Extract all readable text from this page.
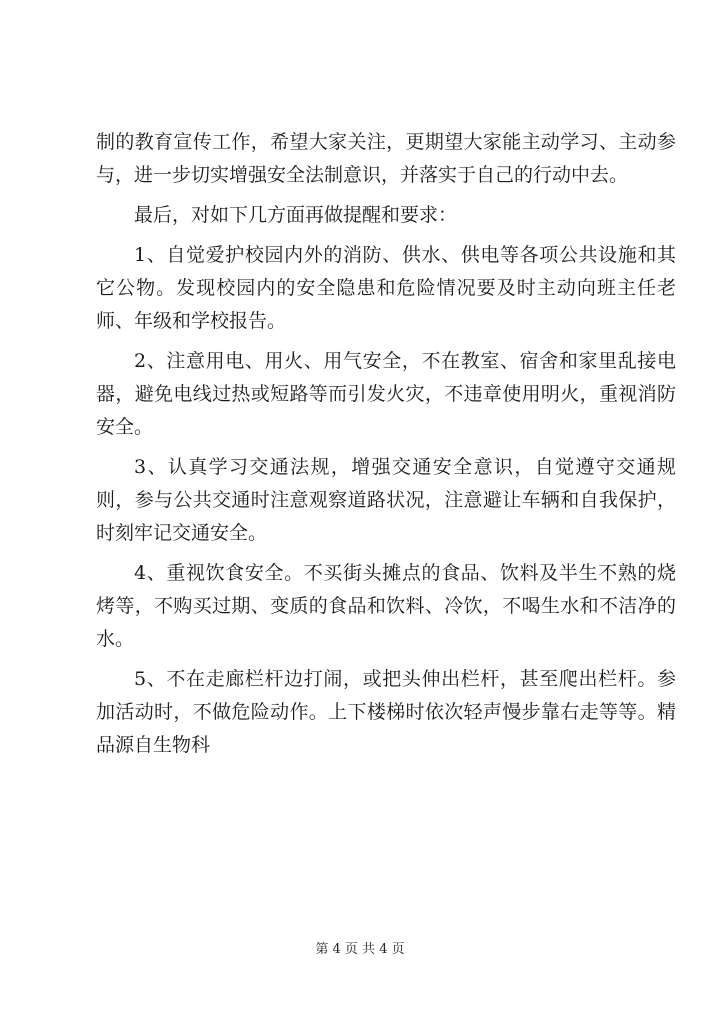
制的教育宣传工作，希望大家关注，更期望大家能主动学习、主动参与，进一步切实增强安全法制意识，并落实于自己的行动中去。

最后，对如下几方面再做提醒和要求：

1、自觉爱护校园内外的消防、供水、供电等各项公共设施和其它公物。发现校园内的安全隐患和危险情况要及时主动向班主任老师、年级和学校报告。

2、注意用电、用火、用气安全，不在教室、宿舍和家里乱接电器，避免电线过热或短路等而引发火灾，不违章使用明火，重视消防安全。

3、认真学习交通法规，增强交通安全意识，自觉遵守交通规则，参与公共交通时注意观察道路状况，注意避让车辆和自我保护，时刻牢记交通安全。

4、重视饮食安全。不买街头摊点的食品、饮料及半生不熟的烧烤等，不购买过期、变质的食品和饮料、冷饮，不喝生水和不洁净的水。

5、不在走廊栏杆边打闹，或把头伸出栏杆，甚至爬出栏杆。参加活动时，不做危险动作。上下楼梯时依次轻声慢步靠右走等等。精品源自生物科

第 4 页 共 4 页
